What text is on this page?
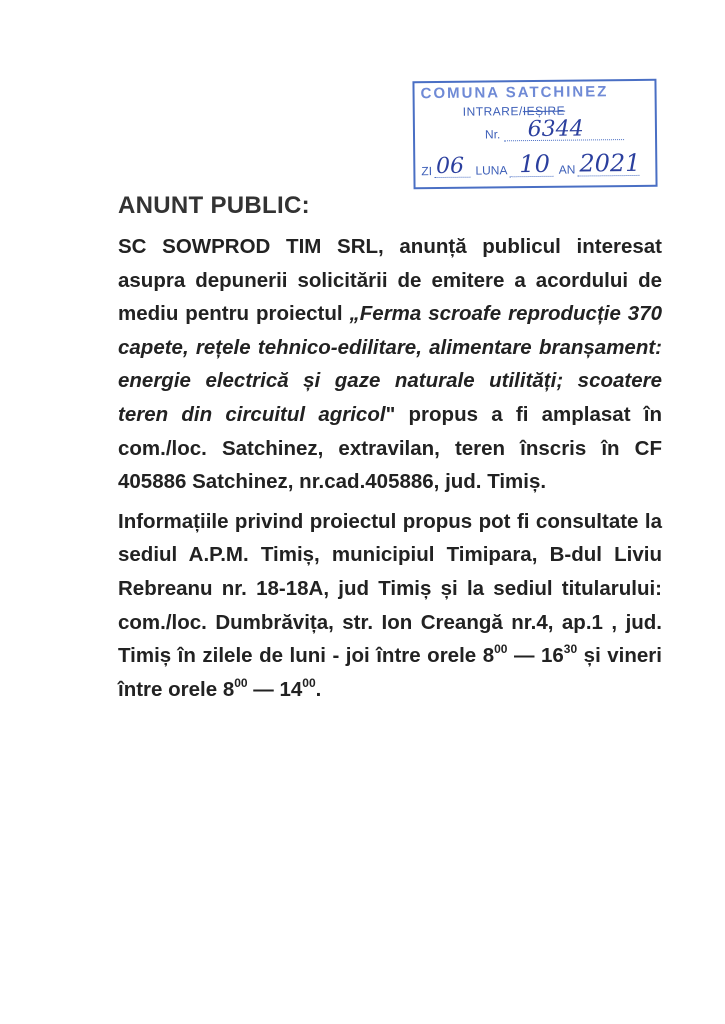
COMUNA SATCHINEZ
INTRARE/IEȘIRE
Nr. 6344
ZI 06 LUNA 10 AN 2021
ANUNT PUBLIC:

SC SOWPROD TIM SRL, anunță publicul interesat asupra depunerii solicitării de emitere a acordului de mediu pentru proiectul „Ferma scroafe reproducție 370 capete, rețele tehnico-edilitare, alimentare branșament: energie electrică și gaze naturale utilități; scoatere teren din circuitul agricol" propus a fi amplasat în com./loc. Satchinez, extravilan, teren înscris în CF 405886 Satchinez, nr.cad.405886, jud. Timiș.

Informațiile privind proiectul propus pot fi consultate la sediul A.P.M. Timiș, municipiul Timipara, B-dul Liviu Rebreanu nr. 18-18A, jud Timiș și la sediul titularului: com./loc. Dumbrăvița, str. Ion Creangă nr.4, ap.1 , jud. Timiș în zilele de luni - joi între orele $8^{00}$ — $16^{30}$ și vineri între orele $8^{00}$ — $14^{00}$.
